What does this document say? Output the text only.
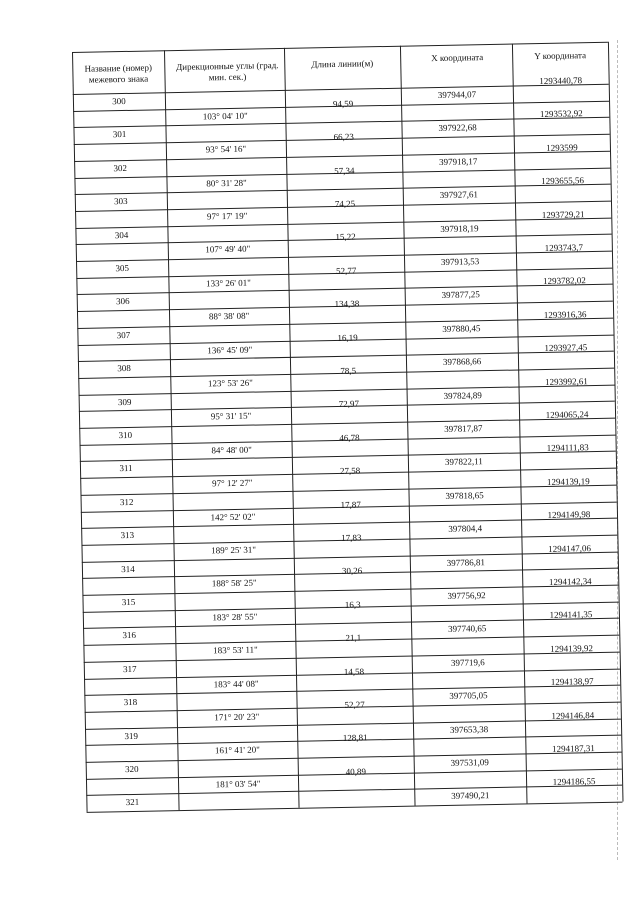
Название (номер) межевого знака
Дирекционные углы (град. мин. сек.)
Длина линии(м)
X координата	Y координата
300
397944,07
1293440,78
301
397922,68
1293532,92
302
397918,17
1293599
303
397927,61
1293655,56
304
397918,19
1293729,21
305
397913,53
1293743,7
306
397877,25
1293782,02
307
397880,45
1293916,36
308
397868,66
1293927,45
309
397824,89
1293992,61
310
397817,87
1294065,24
311
397822,11
1294111,83
312
397818,65
1294139,19
313
397804,4
1294149,98
314
397786,81
1294147,06
315
397756,92
1294142,34
316
397740,65
1294141,35
317
397719,6
1294139,92
318
397705,05
1294138,97
319
397653,38
1294146,84
320
397531,09
1294187,31
321
397490,21
1294186,55
103° 04' 10"
94,59
93° 54' 16"
66,23
80° 31' 28"
57,34
97° 17' 19"
74,25
107° 49' 40"
15,22
133° 26' 01"
52,77
88° 38' 08"
134,38
136° 45' 09"
16,19
123° 53' 26"
78,5
95° 31' 15"
72,97
84° 48' 00"
46,78
97° 12' 27"
27,58
142° 52' 02"
17,87
189° 25' 31"
17,83
188° 58' 25"
30,26
183° 28' 55"
16,3
183° 53' 11"
21,1
183° 44' 08"
14,58
171° 20' 23"
52,27
161° 41' 20"
128,81
181° 03' 54"
40,89
